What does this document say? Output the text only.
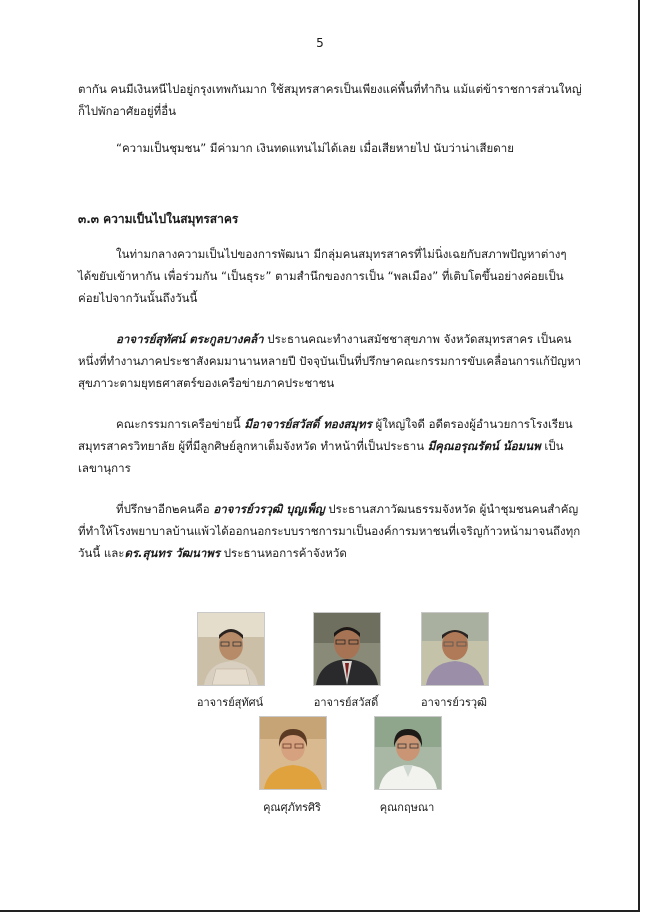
5
ตากัน คนมีเงินหนีไปอยู่กรุงเทพกันมาก ใช้สมุทรสาครเป็นเพียงแค่พื้นที่ทำกิน แม้แต่ข้าราชการส่วนใหญ่
ก็ไปพักอาศัยอยู่ที่อื่น
“ความเป็นชุมชน” มีค่ามาก เงินทดแทนไม่ได้เลย เมื่อเสียหายไป นับว่าน่าเสียดาย
๓.๓ ความเป็นไปในสมุทรสาคร
ในท่ามกลางความเป็นไปของการพัฒนา มีกลุ่มคนสมุทรสาครที่ไม่นิ่งเฉยกับสภาพปัญหาต่างๆ
ได้ขยับเข้าหากัน เพื่อร่วมกัน “เป็นธุระ” ตามสำนึกของการเป็น “พลเมือง” ที่เติบโตขึ้นอย่างค่อยเป็น
ค่อยไปจากวันนั้นถึงวันนี้
อาจารย์สุทัศน์ ตระกูลบางคล้า ประธานคณะทำงานสมัชชาสุขภาพ จังหวัดสมุทรสาคร เป็นคน
หนึ่งที่ทำงานภาคประชาสังคมมานานหลายปี ปัจจุบันเป็นที่ปรึกษาคณะกรรมการขับเคลื่อนการแก้ปัญหา
สุขภาวะตามยุทธศาสตร์ของเครือข่ายภาคประชาชน
คณะกรรมการเครือข่ายนี้ มีอาจารย์สวัสดิ์ ทองสมุทร ผู้ใหญ่ใจดี อดีตรองผู้อำนวยการโรงเรียน
สมุทรสาครวิทยาลัย ผู้ที่มีลูกศิษย์ลูกหาเต็มจังหวัด ทำหน้าที่เป็นประธาน มีคุณอรุณรัตน์ น้อมนพ เป็น
เลขานุการ
ที่ปรึกษาอีก๒คนคือ อาจารย์วรวุฒิ บุญเพ็ญ ประธานสภาวัฒนธรรมจังหวัด ผู้นำชุมชนคนสำคัญ
ที่ทำให้โรงพยาบาลบ้านแพ้วได้ออกนอกระบบราชการมาเป็นองค์การมหาชนที่เจริญก้าวหน้ามาจนถึงทุก
วันนี้ และดร.สุนทร วัฒนาพร ประธานหอการค้าจังหวัด
อาจารย์สุทัศน์	อาจารย์สวัสดิ์	อาจารย์วรวุฒิ
คุณศุภัทรศิริ	คุณกฤษณา
